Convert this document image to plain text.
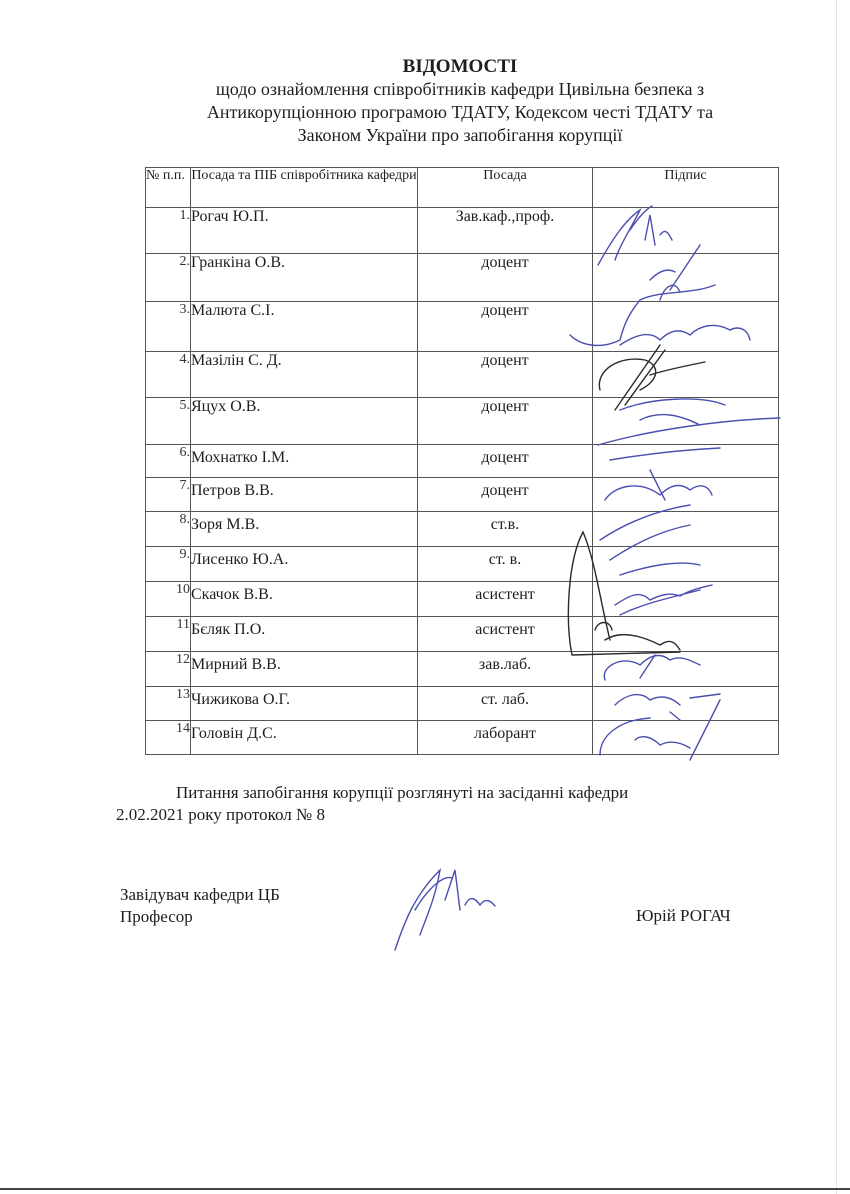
ВІДОМОСТІ
щодо ознайомлення співробітників кафедри Цивільна безпека з
Антикорупціонною програмою ТДАТУ, Кодексом честі ТДАТУ та
Законом України про запобігання корупції
№ п.п.	Посада та ПІБ співробітника кафедри	Посада	Підпис
1.	Рогач Ю.П.	Зав.каф.,проф.	
2.	Гранкіна О.В.	доцент	
3.	Малюта С.І.	доцент	
4.	Мазілін С. Д.	доцент	
5.	Яцух О.В.	доцент	
6.	Мохнатко І.М.	доцент	
7.	Петров В.В.	доцент	
8.	Зоря М.В.	ст.в.	
9.	Лисенко Ю.А.	ст. в.	
10	Скачок В.В.	асистент	
11	Бєляк П.О.	асистент	
12	Мирний В.В.	зав.лаб.	
13	Чижикова О.Г.	ст. лаб.	
14	Головін Д.С.	лаборант	
Питання запобігання корупції розглянуті на засіданні кафедри
2.02.2021 року протокол № 8
Завідувач кафедри ЦБ
Професор	Юрій РОГАЧ
